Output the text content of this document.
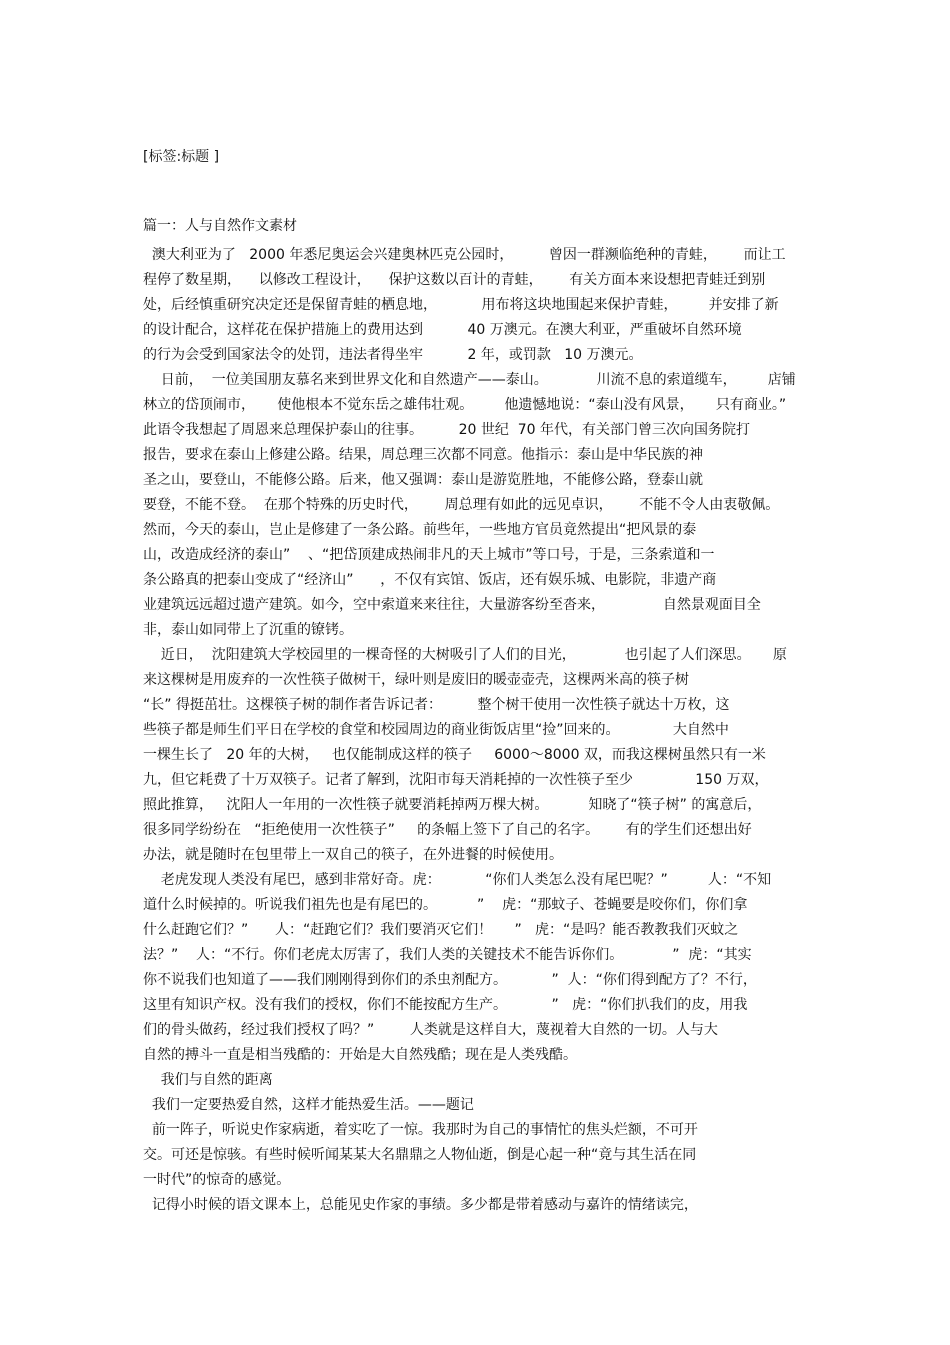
[标签:标题 ]
篇一：人与自然作文素材
澳大利亚为了   2000 年悉尼奥运会兴建奥林匹克公园时，        曾因一群濒临绝种的青蛙，      而让工
程停了数星期，    以修改工程设计，    保护这数以百计的青蛙，      有关方面本来设想把青蛙迁到别
处，后经慎重研究决定还是保留青蛙的栖息地，          用布将这块地围起来保护青蛙，       并安排了新
的设计配合，这样花在保护措施上的费用达到          40 万澳元。在澳大利亚，严重破坏自然环境
的行为会受到国家法令的处罚，违法者得坐牢          2 年，或罚款   10 万澳元。
日前，  一位美国朋友慕名来到世界文化和自然遗产——泰山。           川流不息的索道缆车，       店铺
林立的岱顶闹市，     使他根本不觉东岳之雄伟壮观。       他遗憾地说：“泰山没有风景，     只有商业。”
此语令我想起了周恩来总理保护泰山的往事。        20 世纪  70 年代，有关部门曾三次向国务院打
报告，要求在泰山上修建公路。结果，周总理三次都不同意。他指示：泰山是中华民族的神
圣之山，要登山，不能修公路。后来，他又强调：泰山是游览胜地，不能修公路，登泰山就
要登，不能不登。  在那个特殊的历史时代，      周总理有如此的远见卓识，      不能不令人由衷敬佩。
然而，今天的泰山，岂止是修建了一条公路。前些年，一些地方官员竟然提出“把风景的泰
山，改造成经济的泰山”    、“把岱顶建成热闹非凡的天上城市”等口号，于是，三条索道和一
条公路真的把泰山变成了“经济山”      ，不仅有宾馆、饭店，还有娱乐城、电影院，非遗产商
业建筑远远超过遗产建筑。如今，空中索道来来往往，大量游客纷至沓来，             自然景观面目全
非，泰山如同带上了沉重的镣铐。
近日，  沈阳建筑大学校园里的一棵奇怪的大树吸引了人们的目光，           也引起了人们深思。     原
来这棵树是用废弃的一次性筷子做树干，绿叶则是废旧的暖壶壶壳，这棵两米高的筷子树
“长” 得挺茁壮。这棵筷子树的制作者告诉记者：        整个树干使用一次性筷子就达十万枚，这
些筷子都是师生们平日在学校的食堂和校园周边的商业街饭店里“捡”回来的。            大自然中
一棵生长了   20 年的大树，   也仅能制成这样的筷子     6000～8000 双，而我这棵树虽然只有一米
九，但它耗费了十万双筷子。记者了解到，沈阳市每天消耗掉的一次性筷子至少              150 万双，
照此推算，   沈阳人一年用的一次性筷子就要消耗掉两万棵大树。         知晓了“筷子树” 的寓意后，
很多同学纷纷在   “拒绝使用一次性筷子”     的条幅上签下了自己的名字。      有的学生们还想出好
办法，就是随时在包里带上一双自己的筷子，在外进餐的时候使用。
老虎发现人类没有尾巴，感到非常好奇。虎：          “你们人类怎么没有尾巴呢？”         人：“不知
道什么时候掉的。听说我们祖先也是有尾巴的。         ”    虎：“那蚊子、苍蝇要是咬你们，你们拿
什么赶跑它们？”      人：“赶跑它们？我们要消灭它们！     ”   虎：“是吗？能否教教我们灭蚊之
法？”    人：“不行。你们老虎太厉害了，我们人类的关键技术不能告诉你们。           ”  虎：“其实
你不说我们也知道了——我们刚刚得到你们的杀虫剂配方。          ”  人：“你们得到配方了？不行，
这里有知识产权。没有我们的授权，你们不能按配方生产。          ”   虎：“你们扒我们的皮，用我
们的骨头做药，经过我们授权了吗？”        人类就是这样自大，蔑视着大自然的一切。人与大
自然的搏斗一直是相当残酷的：开始是大自然残酷；现在是人类残酷。
我们与自然的距离
我们一定要热爱自然，这样才能热爱生活。——题记
前一阵子，听说史作家病逝，着实吃了一惊。我那时为自己的事情忙的焦头烂额，不可开
交。可还是惊骇。有些时候听闻某某大名鼎鼎之人物仙逝，倒是心起一种“竟与其生活在同
一时代”的惊奇的感觉。
记得小时候的语文课本上，总能见史作家的事绩。多少都是带着感动与嘉许的情绪读完，
